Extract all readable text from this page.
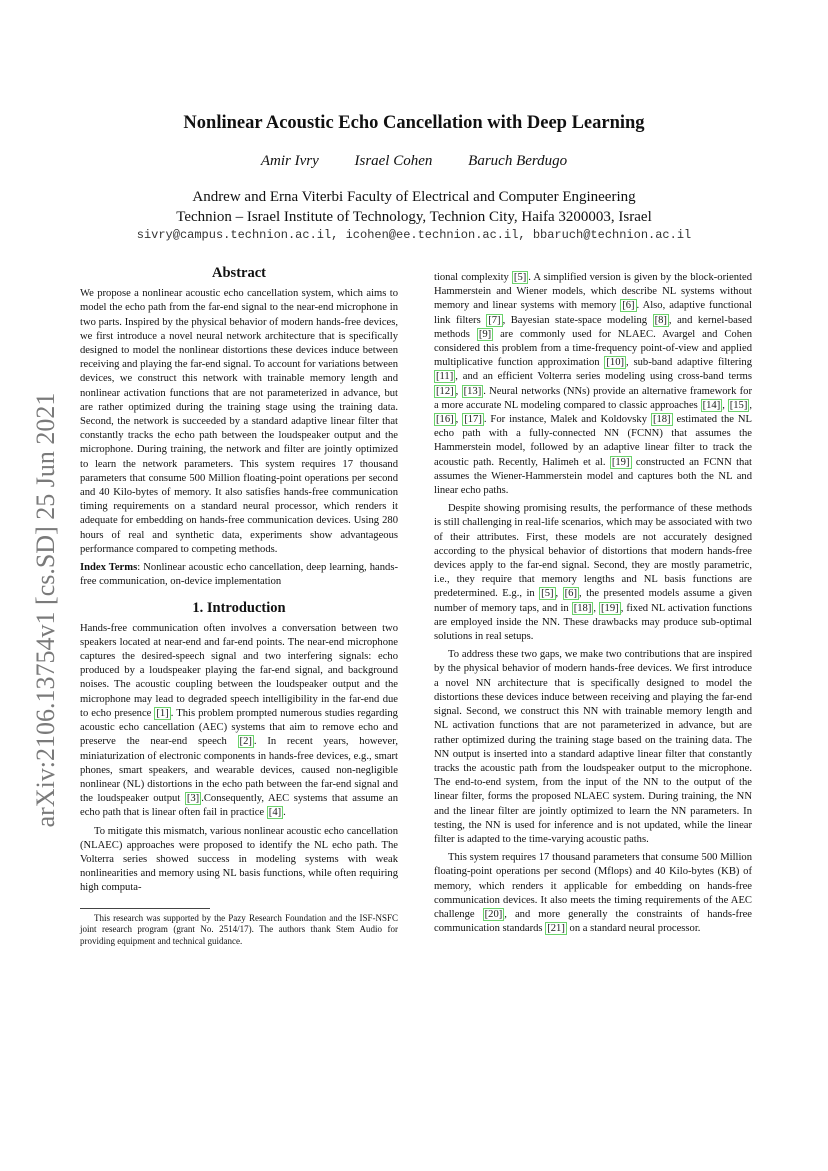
Nonlinear Acoustic Echo Cancellation with Deep Learning
Amir Ivry Israel Cohen Baruch Berdugo
Andrew and Erna Viterbi Faculty of Electrical and Computer Engineering
Technion – Israel Institute of Technology, Technion City, Haifa 3200003, Israel
sivry@campus.technion.ac.il, icohen@ee.technion.ac.il, bbaruch@technion.ac.il
arXiv:2106.13754v1 [cs.SD] 25 Jun 2021
Abstract

We propose a nonlinear acoustic echo cancellation system, which aims to model the echo path from the far-end signal to the near-end microphone in two parts. Inspired by the physical behavior of modern hands-free devices, we first introduce a novel neural network architecture that is specifically designed to model the nonlinear distortions these devices induce between receiving and playing the far-end signal. To account for variations between devices, we construct this network with trainable memory length and nonlinear activation functions that are not parameterized in advance, but are rather optimized during the training stage using the training data. Second, the network is succeeded by a standard adaptive linear filter that constantly tracks the echo path between the loudspeaker output and the microphone. During training, the network and filter are jointly optimized to learn the network parameters. This system requires 17 thousand parameters that consume 500 Million floating-point operations per second and 40 Kilo-bytes of memory. It also satisfies hands-free communication timing requirements on a standard neural processor, which renders it adequate for embedding on hands-free communication devices. Using 280 hours of real and synthetic data, experiments show advantageous performance compared to competing methods.

Index Terms: Nonlinear acoustic echo cancellation, deep learning, hands-free communication, on-device implementation

1. Introduction

Hands-free communication often involves a conversation between two speakers located at near-end and far-end points. The near-end microphone captures the desired-speech signal and two interfering signals: echo produced by a loudspeaker playing the far-end signal, and background noises. The acoustic coupling between the loudspeaker output and the microphone may lead to degraded speech intelligibility in the far-end due to echo presence [1] . This problem prompted numerous studies regarding acoustic echo cancellation (AEC) systems that aim to remove echo and preserve the near-end speech [2] . In recent years, however, miniaturization of electronic components in hands-free devices, e.g., smart phones, smart speakers, and wearable devices, caused non-negligible nonlinear (NL) distortions in the echo path between the far-end signal and the loudspeaker output [3] .Consequently, AEC systems that assume an echo path that is linear often fail in practice [4] .

To mitigate this mismatch, various nonlinear acoustic echo cancellation (NLAEC) approaches were proposed to identify the NL echo path. The Volterra series showed success in modeling systems with weak nonlinearities and memory using NL basis functions, while often requiring high computa-

This research was supported by the Pazy Research Foundation and the ISF-NSFC joint research program (grant No. 2514/17). The authors thank Stem Audio for providing equipment and technical guidance.

tional complexity [5] . A simplified version is given by the block-oriented Hammerstein and Wiener models, which describe NL systems without memory and linear systems with memory [6] . Also, adaptive functional link filters [7] , Bayesian state-space modeling [8] , and kernel-based methods [9] are commonly used for NLAEC. Avargel and Cohen considered this problem from a time-frequency point-of-view and applied multiplicative function approximation [10] , sub-band adaptive filtering [11] , and an efficient Volterra series modeling using cross-band terms [12] , [13] . Neural networks (NNs) provide an alternative framework for a more accurate NL modeling compared to classic approaches [14] , [15] , [16] , [17] . For instance, Malek and Koldovsky [18] estimated the NL echo path with a fully-connected NN (FCNN) that assumes the Hammerstein model, followed by an adaptive linear filter to track the acoustic path. Recently, Halimeh et al. [19] constructed an FCNN that assumes the Wiener-Hammerstein model and captures both the NL and linear echo paths.

Despite showing promising results, the performance of these methods is still challenging in real-life scenarios, which may be associated with two of their attributes. First, these models are not accurately designed according to the physical behavior of distortions that modern hands-free devices apply to the far-end signal. Second, they are mostly parametric, i.e., they require that memory lengths and NL basis functions are predetermined. E.g., in [5] , [6] , the presented models assume a given number of memory taps, and in [18] , [19] , fixed NL activation functions are employed inside the NN. These drawbacks may produce sub-optimal solutions in real setups.

To address these two gaps, we make two contributions that are inspired by the physical behavior of modern hands-free devices. We first introduce a novel NN architecture that is specifically designed to model the distortions these devices induce between receiving and playing the far-end signal. Second, we construct this NN with trainable memory length and NL activation functions that are not parameterized in advance, but are rather optimized during the training stage based on the training data. The NN output is inserted into a standard adaptive linear filter that constantly tracks the acoustic path from the loudspeaker output to the microphone. The end-to-end system, from the input of the NN to the output of the linear filter, forms the proposed NLAEC system. During training, the NN and the linear filter are jointly optimized to learn the NN parameters. In testing, the NN is used for inference and is not updated, while the linear filter is adapted to the time-varying acoustic paths.

This system requires 17 thousand parameters that consume 500 Million floating-point operations per second (Mflops) and 40 Kilo-bytes (KB) of memory, which renders it applicable for embedding on hands-free communication devices. It also meets the timing requirements of the AEC challenge [20] , and more generally the constraints of hands-free communication standards [21] on a standard neural processor.
